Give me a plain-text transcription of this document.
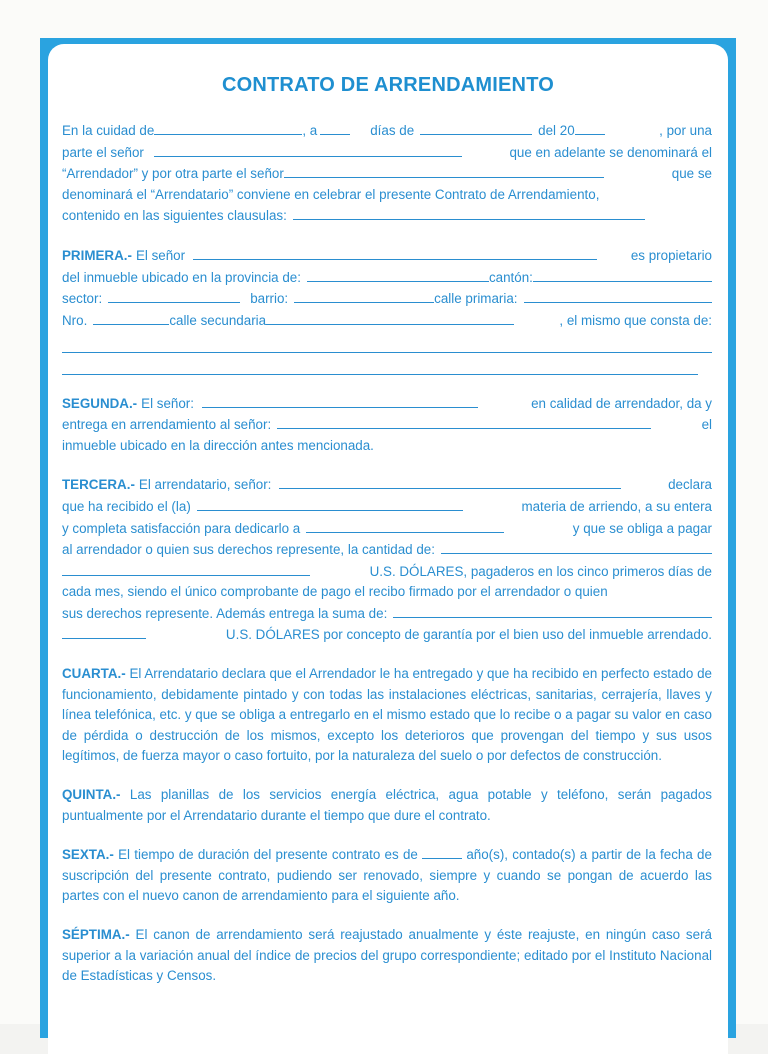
CONTRATO DE ARRENDAMIENTO
En la cuidad de	, a	días de	del 20	, por una
parte el señor	que en adelante se denominará el
“Arrendador” y por otra parte el señor	que se
denominará el “Arrendatario” conviene en celebrar el presente Contrato de Arrendamiento,
contenido en las siguientes clausulas:
PRIMERA.- El señor	es propietario
del inmueble ubicado en la provincia de:	cantón:
sector:	barrio:	calle primaria:
Nro.	calle secundaria	, el mismo que consta de:
SEGUNDA.- El señor:	en calidad de arrendador, da y
entrega en arrendamiento al señor:	el
inmueble ubicado en la dirección antes mencionada.
TERCERA.- El arrendatario, señor:	declara
que ha recibido el (la)	materia de arriendo, a su entera
y completa satisfacción para dedicarlo a	y que se obliga a pagar
al arrendador o quien sus derechos represente, la cantidad de:
U.S. DÓLARES, pagaderos en los cinco primeros días de
cada mes, siendo el único comprobante de pago el recibo firmado por el arrendador o quien
sus derechos represente. Además entrega la suma de:
U.S. DÓLARES por concepto de garantía por el bien uso del inmueble arrendado.

CUARTA.- El Arrendatario declara que el Arrendador le ha entregado y que ha recibido en perfecto estado de funcionamiento, debidamente pintado y con todas las instalaciones eléctricas, sanitarias, cerrajería, llaves y línea telefónica, etc. y que se obliga a entregarlo en el mismo estado que lo recibe o a pagar su valor en caso de pérdida o destrucción de los mismos, excepto los deterioros que provengan del tiempo y sus usos legítimos, de fuerza mayor o caso fortuito, por la naturaleza del suelo o por defectos de construcción.

QUINTA.- Las planillas de los servicios energía eléctrica, agua potable y teléfono, serán pagados puntualmente por el Arrendatario durante el tiempo que dure el contrato.

SEXTA.- El tiempo de duración del presente contrato es de	año(s), contado(s) a partir de la fecha de suscripción del presente contrato, pudiendo ser renovado, siempre y cuando se pongan de acuerdo las partes con el nuevo canon de arrendamiento para el siguiente año.

SÉPTIMA.- El canon de arrendamiento será reajustado anualmente y éste reajuste, en ningún caso será superior a la variación anual del índice de precios del grupo correspondiente; editado por el Instituto Nacional de Estadísticas y Censos.
